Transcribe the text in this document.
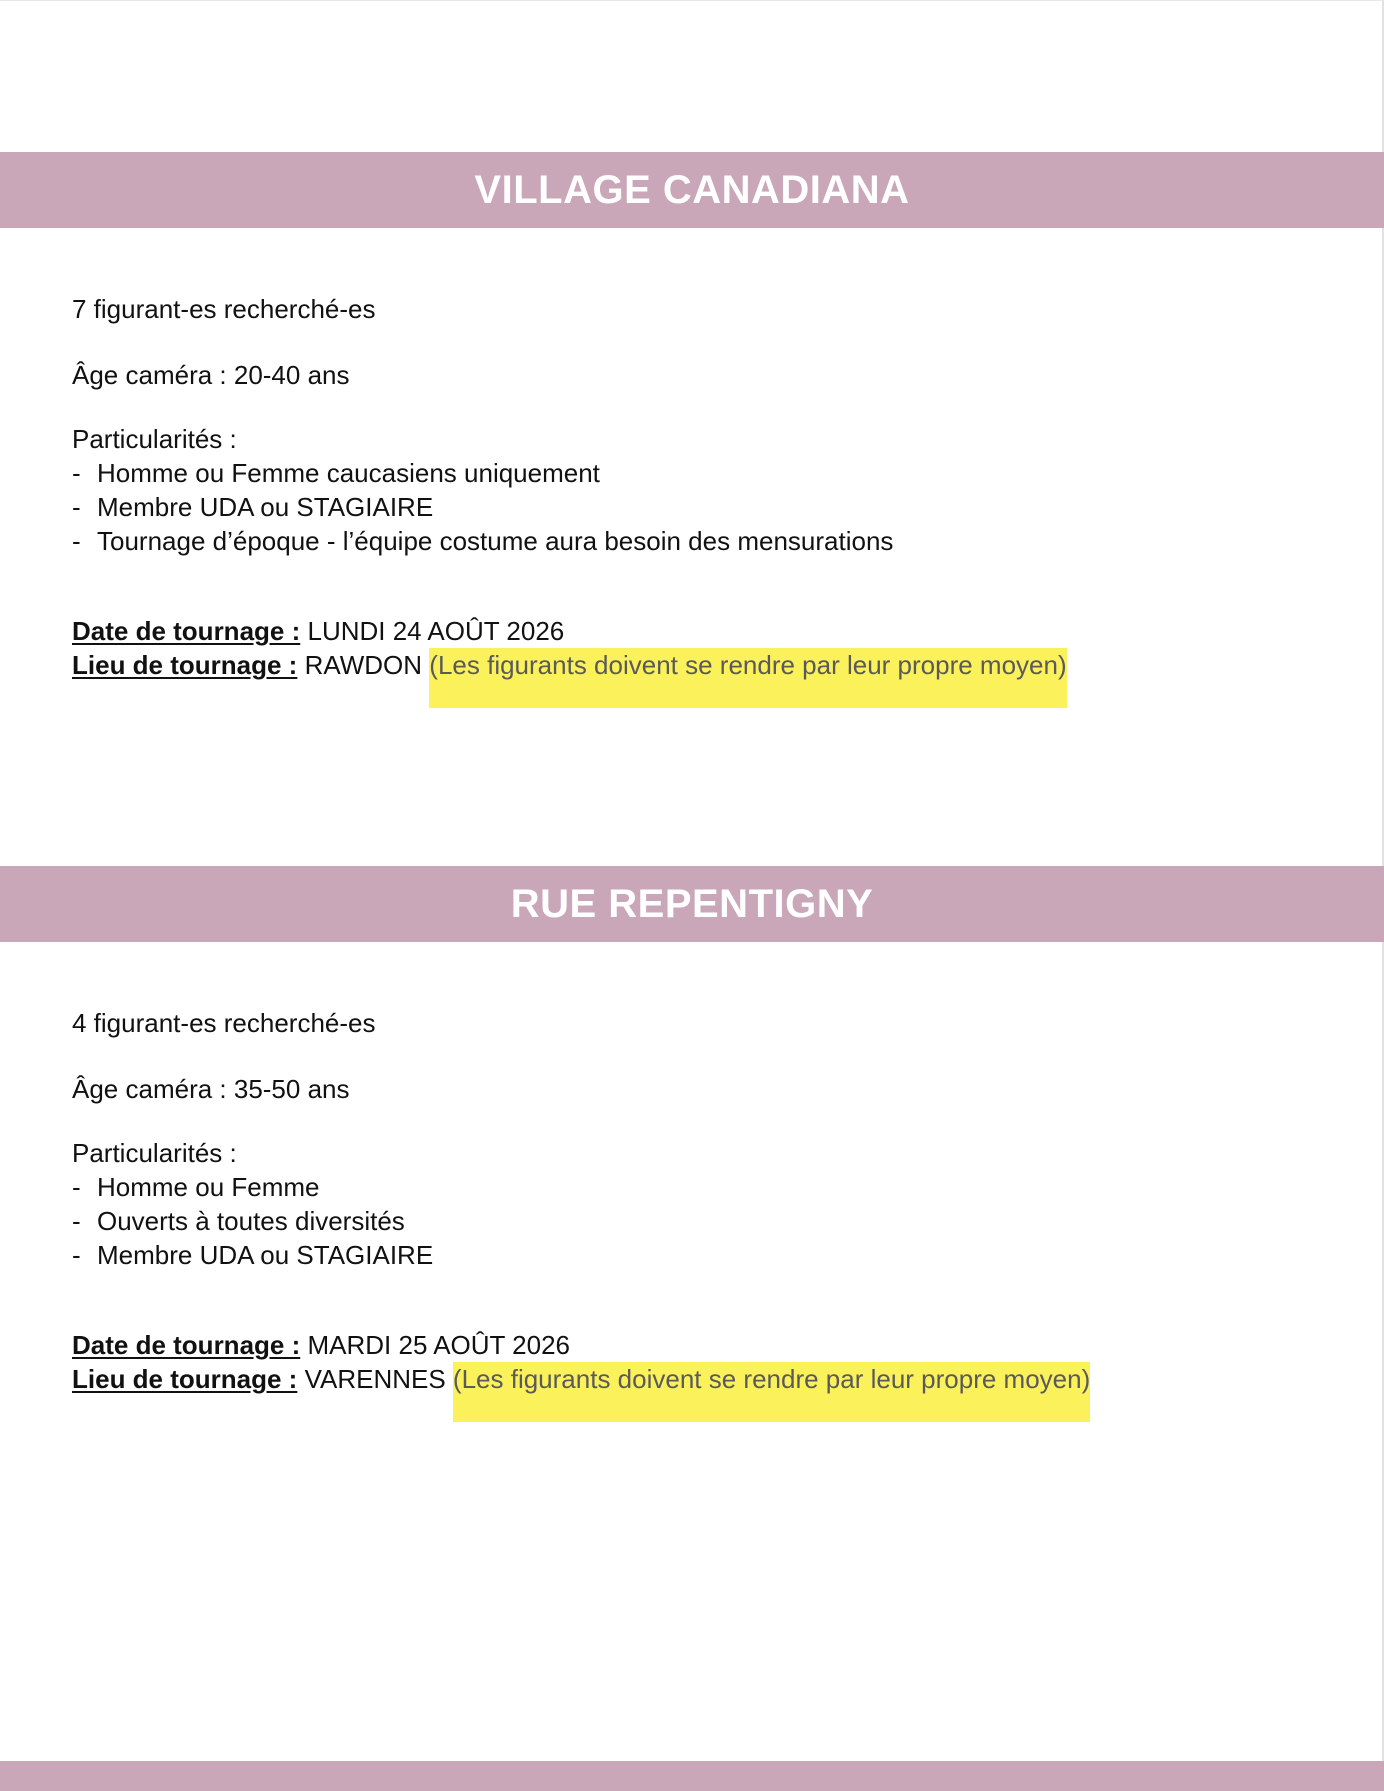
VILLAGE CANADIANA
7 figurant-es recherché-es
Âge caméra : 20-40 ans
Particularités :
- Homme ou Femme caucasiens uniquement
- Membre UDA ou STAGIAIRE
- Tournage d’époque - l’équipe costume aura besoin des mensurations
Date de tournage : LUNDI 24 AOÛT 2026
Lieu de tournage : RAWDON (Les figurants doivent se rendre par leur propre moyen)
RUE REPENTIGNY
4 figurant-es recherché-es
Âge caméra : 35-50 ans
Particularités :
- Homme ou Femme
- Ouverts à toutes diversités
- Membre UDA ou STAGIAIRE
Date de tournage : MARDI 25 AOÛT 2026
Lieu de tournage : VARENNES (Les figurants doivent se rendre par leur propre moyen)
